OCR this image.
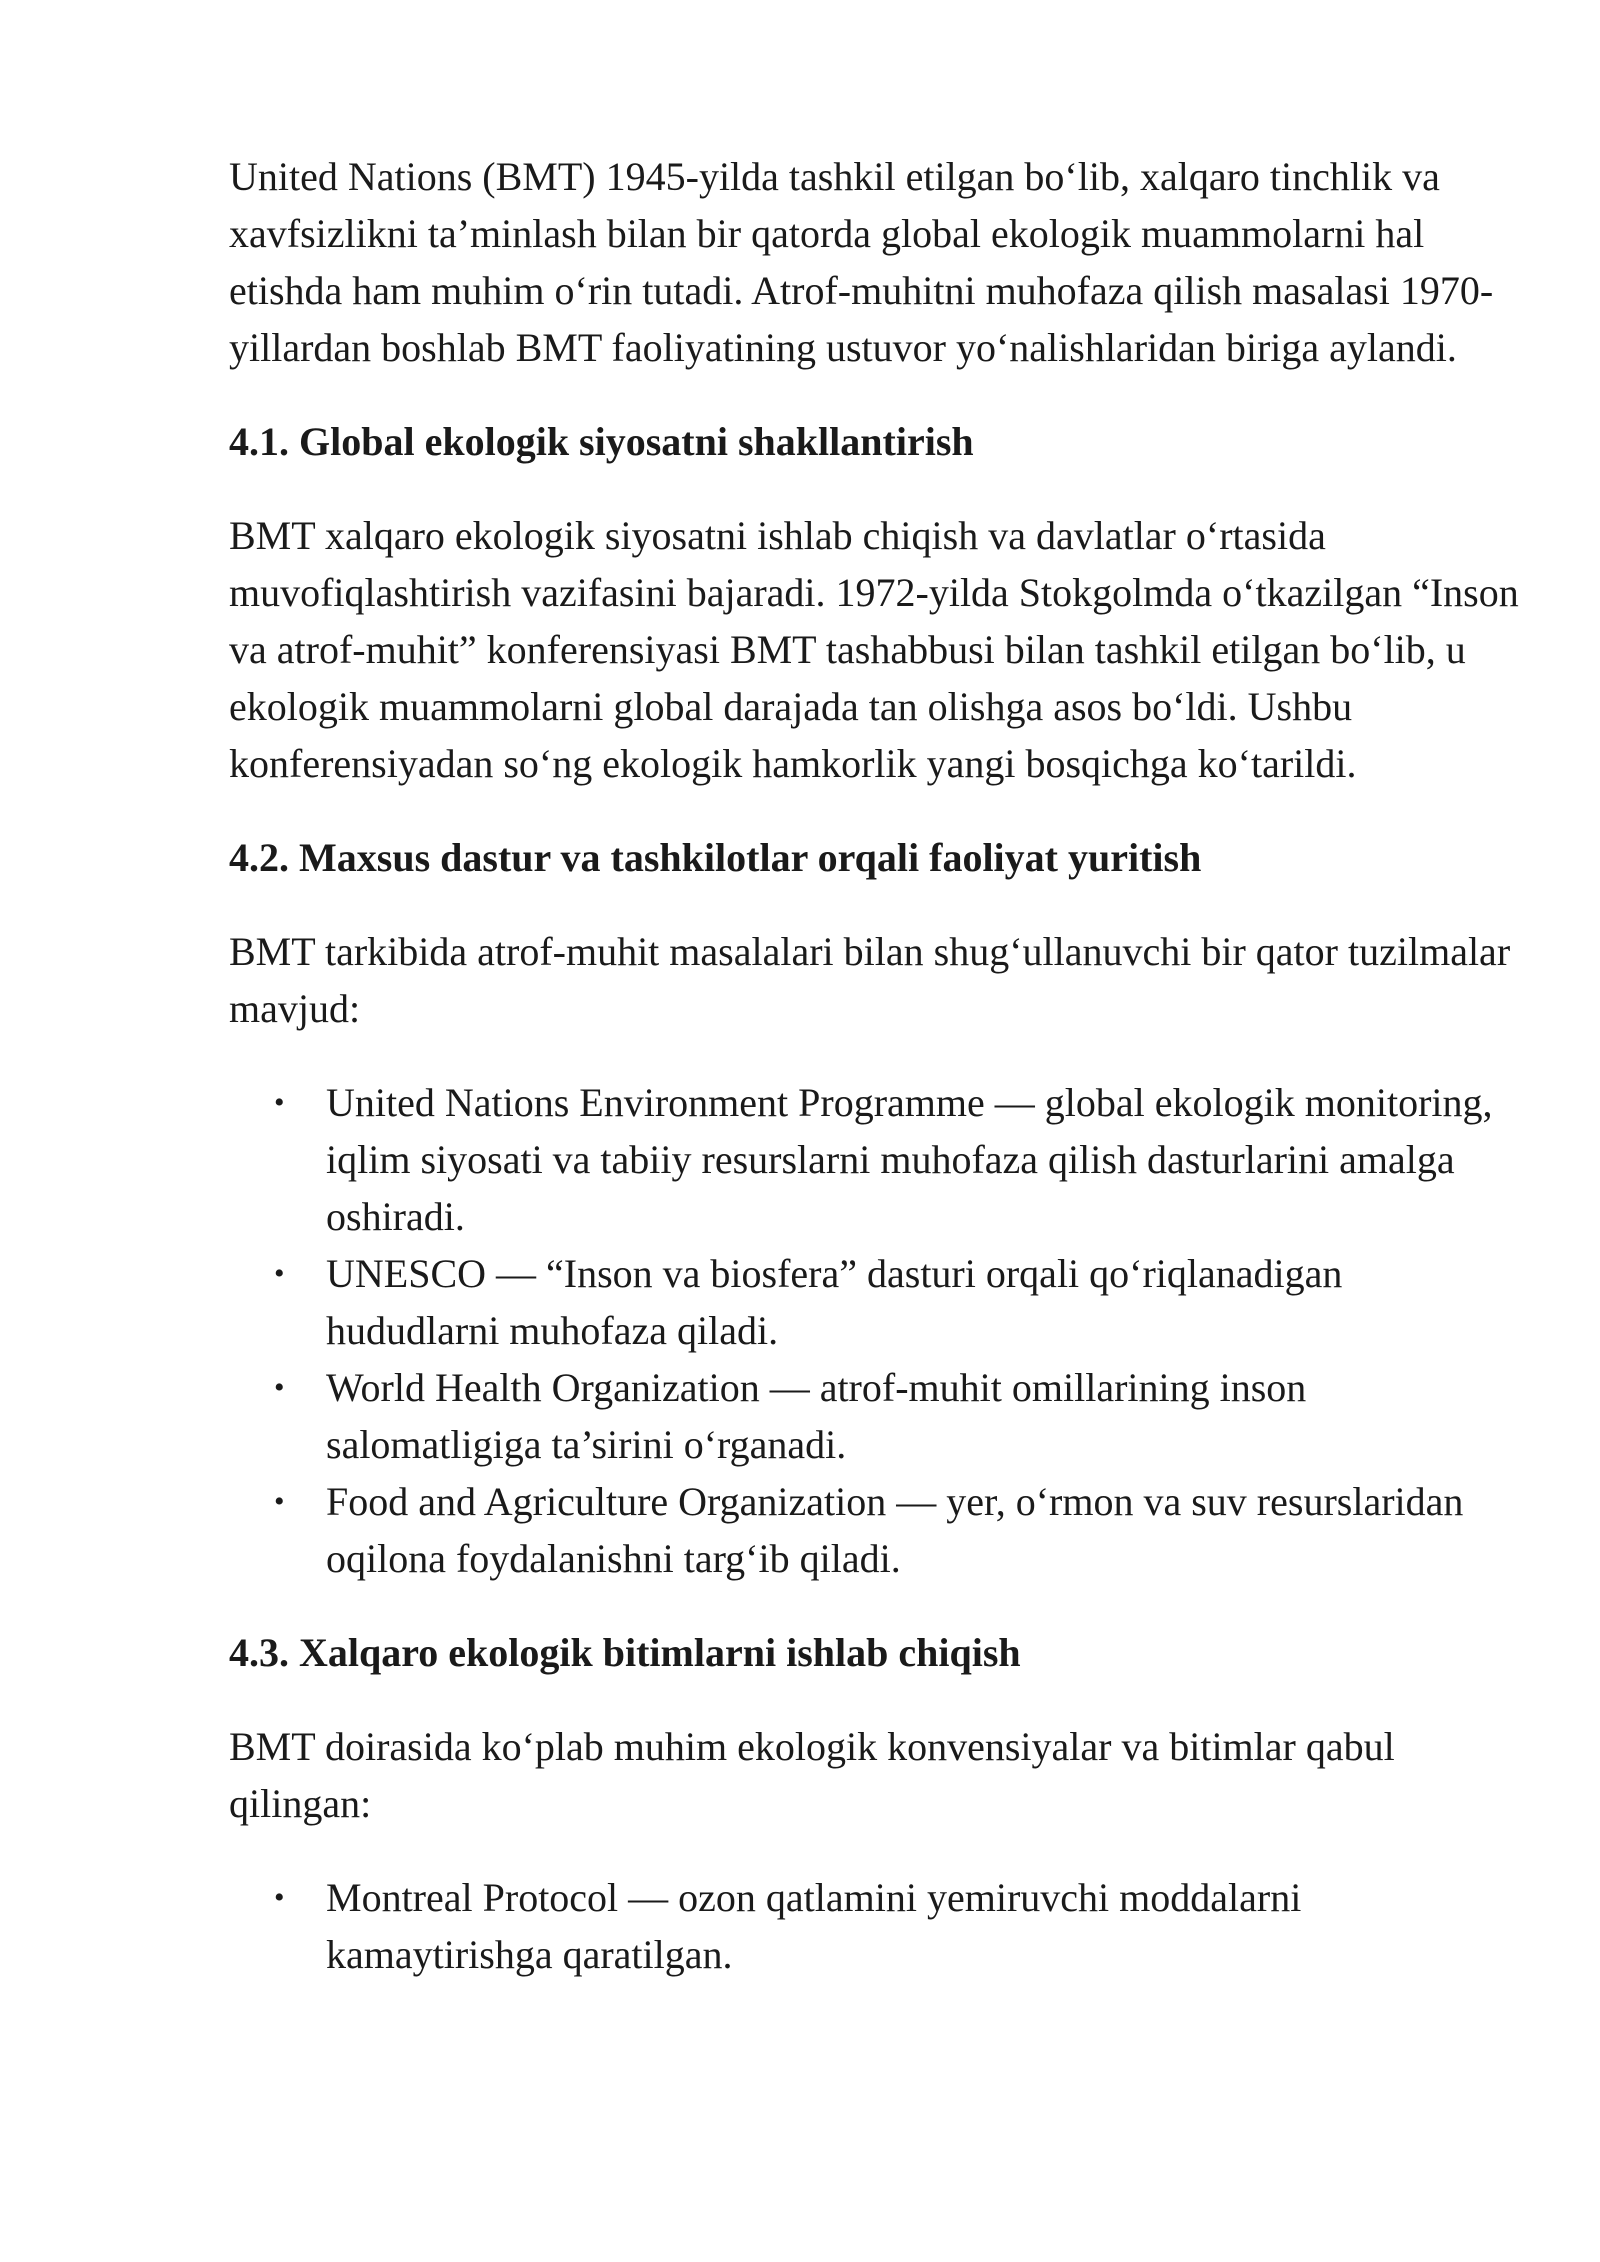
United Nations (BMT) 1945-yilda tashkil etilgan bo‘lib, xalqaro tinchlik va xavfsizlikni ta’minlash bilan bir qatorda global ekologik muammolarni hal etishda ham muhim o‘rin tutadi. Atrof-muhitni muhofaza qilish masalasi 1970-yillardan boshlab BMT faoliyatining ustuvor yo‘nalishlaridan biriga aylandi.

4.1. Global ekologik siyosatni shakllantirish

BMT xalqaro ekologik siyosatni ishlab chiqish va davlatlar o‘rtasida muvofiqlashtirish vazifasini bajaradi. 1972-yilda Stokgolmda o‘tkazilgan “Inson va atrof-muhit” konferensiyasi BMT tashabbusi bilan tashkil etilgan bo‘lib, u ekologik muammolarni global darajada tan olishga asos bo‘ldi. Ushbu konferensiyadan so‘ng ekologik hamkorlik yangi bosqichga ko‘tarildi.

4.2. Maxsus dastur va tashkilotlar orqali faoliyat yuritish

BMT tarkibida atrof-muhit masalalari bilan shug‘ullanuvchi bir qator tuzilmalar mavjud:

• United Nations Environment Programme — global ekologik monitoring, iqlim siyosati va tabiiy resurslarni muhofaza qilish dasturlarini amalga oshiradi.
• UNESCO — “Inson va biosfera” dasturi orqali qo‘riqlanadigan hududlarni muhofaza qiladi.
• World Health Organization — atrof-muhit omillarining inson salomatligiga ta’sirini o‘rganadi.
• Food and Agriculture Organization — yer, o‘rmon va suv resurslaridan oqilona foydalanishni targ‘ib qiladi.

4.3. Xalqaro ekologik bitimlarni ishlab chiqish

BMT doirasida ko‘plab muhim ekologik konvensiyalar va bitimlar qabul qilingan:

• Montreal Protocol — ozon qatlamini yemiruvchi moddalarni kamaytirishga qaratilgan.
